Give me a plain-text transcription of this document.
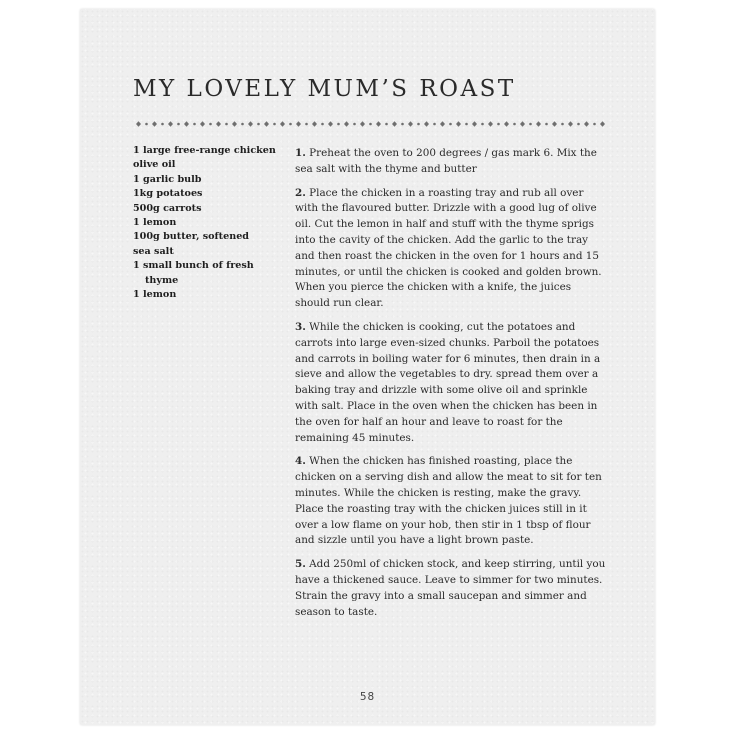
MY LOVELY MUM’S ROAST
1 large free-range chicken
olive oil
1 garlic bulb
1kg potatoes
500g carrots
1 lemon
100g butter, softened
sea salt
1 small bunch of fresh thyme
1 lemon

1. Preheat the oven to 200 degrees / gas mark 6. Mix the sea salt with the thyme and butter

2. Place the chicken in a roasting tray and rub all over with the flavoured butter. Drizzle with a good lug of olive oil. Cut the lemon in half and stuff with the thyme sprigs into the cavity of the chicken. Add the garlic to the tray and then roast the chicken in the oven for 1 hours and 15 minutes, or until the chicken is cooked and golden brown. When you pierce the chicken with a knife, the juices should run clear.

3. While the chicken is cooking, cut the potatoes and carrots into large even-sized chunks. Parboil the potatoes and carrots in boiling water for 6 minutes, then drain in a sieve and allow the vegetables to dry. spread them over a baking tray and drizzle with some olive oil and sprinkle with salt. Place in the oven when the chicken has been in the oven for half an hour and leave to roast for the remaining 45 minutes.

4. When the chicken has finished roasting, place the chicken on a serving dish and allow the meat to sit for ten minutes. While the chicken is resting, make the gravy. Place the roasting tray with the chicken juices still in it over a low flame on your hob, then stir in 1 tbsp of flour and sizzle until you have a light brown paste.

5. Add 250ml of chicken stock, and keep stirring, until you have a thickened sauce. Leave to simmer for two minutes. Strain the gravy into a small saucepan and simmer and season to taste.

58
